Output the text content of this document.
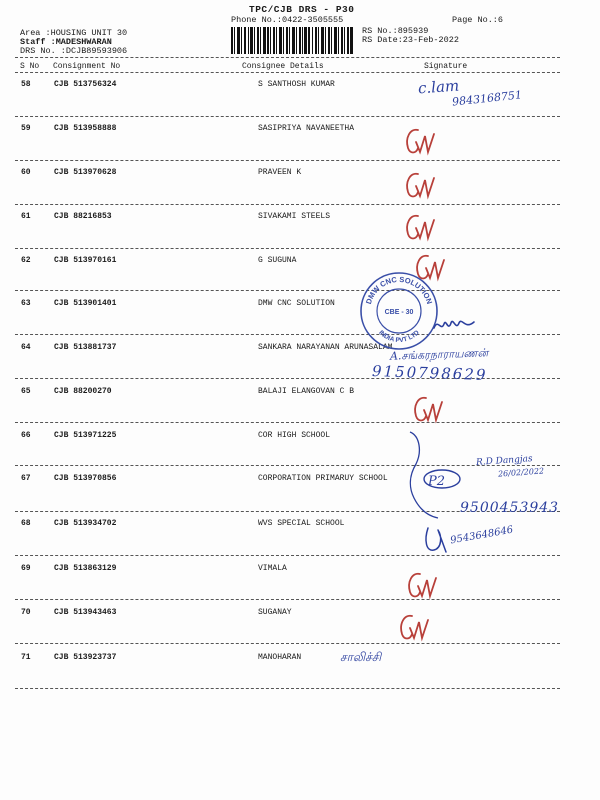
TPC/CJB DRS - P30
Phone No.:0422-3505555	Page No.:6
Area :HOUSING UNIT 30
Staff :MADESHWARAN
DRS No. :DCJB89593906
RS No.:895939
RS Date:23-Feb-2022
S No Consignment No	Consignee Details	Signature
58	CJB 513756324	S SANTHOSH KUMAR
59	CJB 513958888	SASIPRIYA NAVANEETHA
60	CJB 513970628	PRAVEEN K
61	CJB 88216853	SIVAKAMI STEELS
62	CJB 513970161	G SUGUNA
63	CJB 513901401	DMW CNC SOLUTION
64	CJB 513881737	SANKARA NARAYANAN ARUNASALAM
65	CJB 88200270	BALAJI ELANGOVAN C B
66	CJB 513971225	COR HIGH SCHOOL
67	CJB 513970856	CORPORATION PRIMARUY SCHOOL
68	CJB 513934702	WVS SPECIAL SCHOOL
69	CJB 513863129	VIMALA
70	CJB 513943463	SUGANAY
71	CJB 513923737	MANOHARAN
c.lam
9843168751
DMW CNC SOLUTION
INDIA PVT LTD
CBE - 30
A.சங்கரநாராயணன்
9150798629
P2
R.D Dangjas
26/02/2022
9500453943
9543648646
சாலிச்சி
